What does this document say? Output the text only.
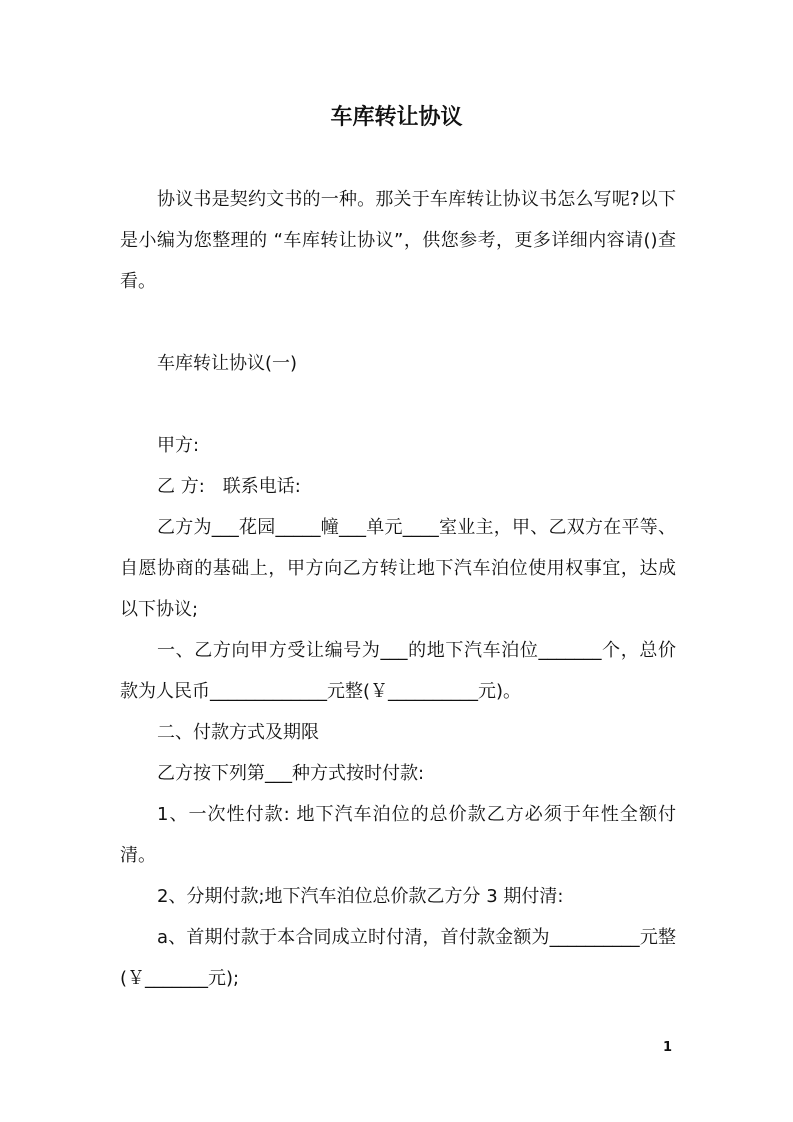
车库转让协议

协议书是契约文书的一种。那关于车库转让协议书怎么写呢?以下是小编为您整理的 “车库转让协议”，供您参考，更多详细内容请()查看。

车库转让协议(一)

甲方:

乙 方:　联系电话:

乙方为___花园_____幢___单元____室业主，甲、乙双方在平等、自愿协商的基础上，甲方向乙方转让地下汽车泊位使用权事宜，达成以下协议;

一、乙方向甲方受让编号为___的地下汽车泊位_______个，总价款为人民币_____________元整(￥__________元)。

二、付款方式及期限

乙方按下列第___种方式按时付款:

1、一次性付款: 地下汽车泊位的总价款乙方必须于年性全额付清。

2、分期付款;地下汽车泊位总价款乙方分 3 期付清:

a、首期付款于本合同成立时付清，首付款金额为__________元整(￥_______元);

1
